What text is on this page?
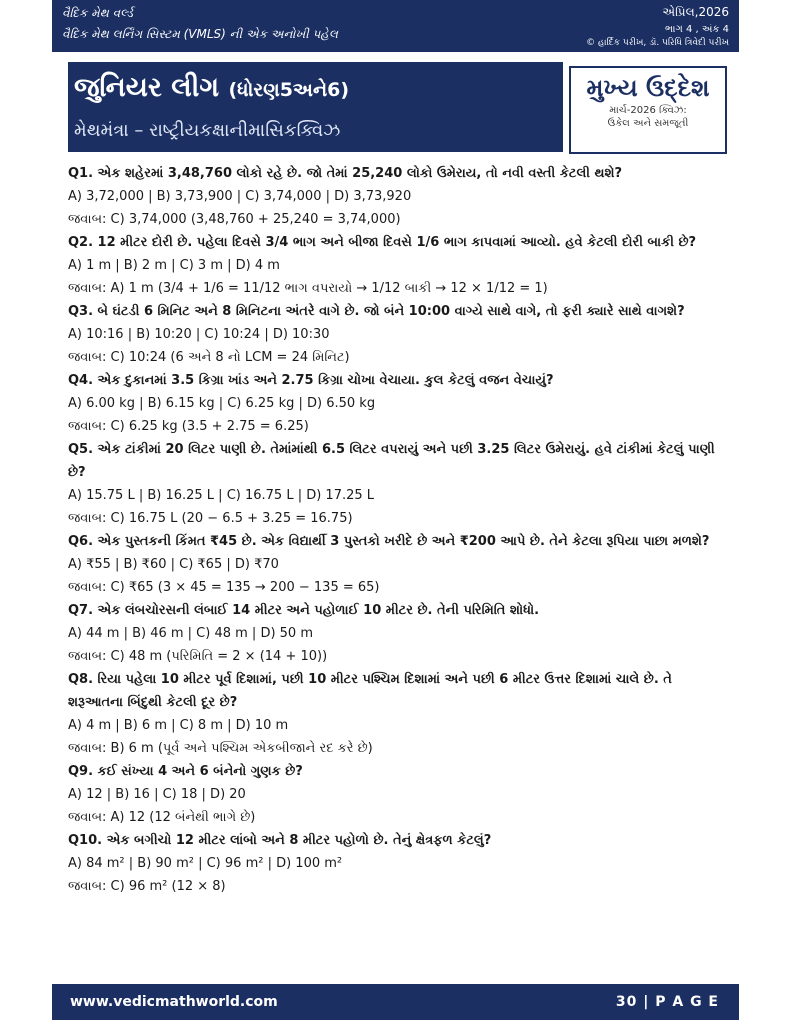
વૈદિક મેથ વર્લ્ડ
વૈદિક મેથ લર્નિંગ સિસ્ટમ (VMLS) ની એક અનોખી પહેલ
એપ્રિલ,2026
ભાગ 4 , અંક 4
© હાર્દિક પરીખ, ડૉ. પરિધિ ત્રિવેદી પરીખ
જુનિયર લીગ (ધોરણ5અને6)
મેથમંત્રા – રાષ્ટ્રીયકક્ષાનીમાસિકક્વિઝ
મુખ્ય ઉદ્દેશ
માર્ચ-2026 ક્વિઝ:
ઉકેલ અને સમજૂતી
Q1. એક શહેરમાં 3,48,760 લોકો રહે છે. જો તેમાં 25,240 લોકો ઉમેરાય, તો નવી વસ્તી કેટલી થશે?
A) 3,72,000 | B) 3,73,900 | C) 3,74,000 | D) 3,73,920
જવાબ: C) 3,74,000 (3,48,760 + 25,240 = 3,74,000)
Q2. 12 મીટર દોરી છે. પહેલા દિવસે 3/4 ભાગ અને બીજા દિવસે 1/6 ભાગ કાપવામાં આવ્યો. હવે કેટલી દોરી બાકી છે?
A) 1 m | B) 2 m | C) 3 m | D) 4 m
જવાબ: A) 1 m (3/4 + 1/6 = 11/12 ભાગ વપરાયો → 1/12 બાકી → 12 × 1/12 = 1)
Q3. બે ઘંટડી 6 મિનિટ અને 8 મિનિટના અંતરે વાગે છે. જો બંને 10:00 વાગ્યે સાથે વાગે, તો ફરી ક્યારે સાથે વાગશે?
A) 10:16 | B) 10:20 | C) 10:24 | D) 10:30
જવાબ: C) 10:24 (6 અને 8 નો LCM = 24 મિનિટ)
Q4. એક દુકાનમાં 3.5 કિગ્રા ખાંડ અને 2.75 કિગ્રા ચોખા વેચાયા. કુલ કેટલું વજન વેચાયું?
A) 6.00 kg | B) 6.15 kg | C) 6.25 kg | D) 6.50 kg
જવાબ: C) 6.25 kg (3.5 + 2.75 = 6.25)
Q5. એક ટાંકીમાં 20 લિટર પાણી છે. તેમાંમાંથી 6.5 લિટર વપરાયું અને પછી 3.25 લિટર ઉમેરાયું. હવે ટાંકીમાં કેટલું પાણી છે?
A) 15.75 L | B) 16.25 L | C) 16.75 L | D) 17.25 L
જવાબ: C) 16.75 L (20 − 6.5 + 3.25 = 16.75)
Q6. એક પુસ્તકની કિંમત ₹45 છે. એક વિદ્યાર્થી 3 પુસ્તકો ખરીદે છે અને ₹200 આપે છે. તેને કેટલા રૂપિયા પાછા મળશે?
A) ₹55 | B) ₹60 | C) ₹65 | D) ₹70
જવાબ: C) ₹65 (3 × 45 = 135 → 200 − 135 = 65)
Q7. એક લંબચોરસની લંબાઈ 14 મીટર અને પહોળાઈ 10 મીટર છે. તેની પરિમિતિ શોધો.
A) 44 m | B) 46 m | C) 48 m | D) 50 m
જવાબ: C) 48 m (પરિમિતિ = 2 × (14 + 10))
Q8. રિયા પહેલા 10 મીટર પૂર્વ દિશામાં, પછી 10 મીટર પશ્ચિમ દિશામાં અને પછી 6 મીટર ઉત્તર દિશામાં ચાલે છે. તે શરૂઆતના બિંદુથી કેટલી દૂર છે?
A) 4 m | B) 6 m | C) 8 m | D) 10 m
જવાબ: B) 6 m (પૂર્વ અને પશ્ચિમ એકબીજાને રદ કરે છે)
Q9. કઈ સંખ્યા 4 અને 6 બંનેનો ગુણક છે?
A) 12 | B) 16 | C) 18 | D) 20
જવાબ: A) 12 (12 બંનેથી ભાગે છે)
Q10. એક બગીચો 12 મીટર લાંબો અને 8 મીટર પહોળો છે. તેનું ક્ષેત્રફળ કેટલું?
A) 84 m² | B) 90 m² | C) 96 m² | D) 100 m²
જવાબ: C) 96 m² (12 × 8)
www.vedicmathworld.com	30 | P A G E
